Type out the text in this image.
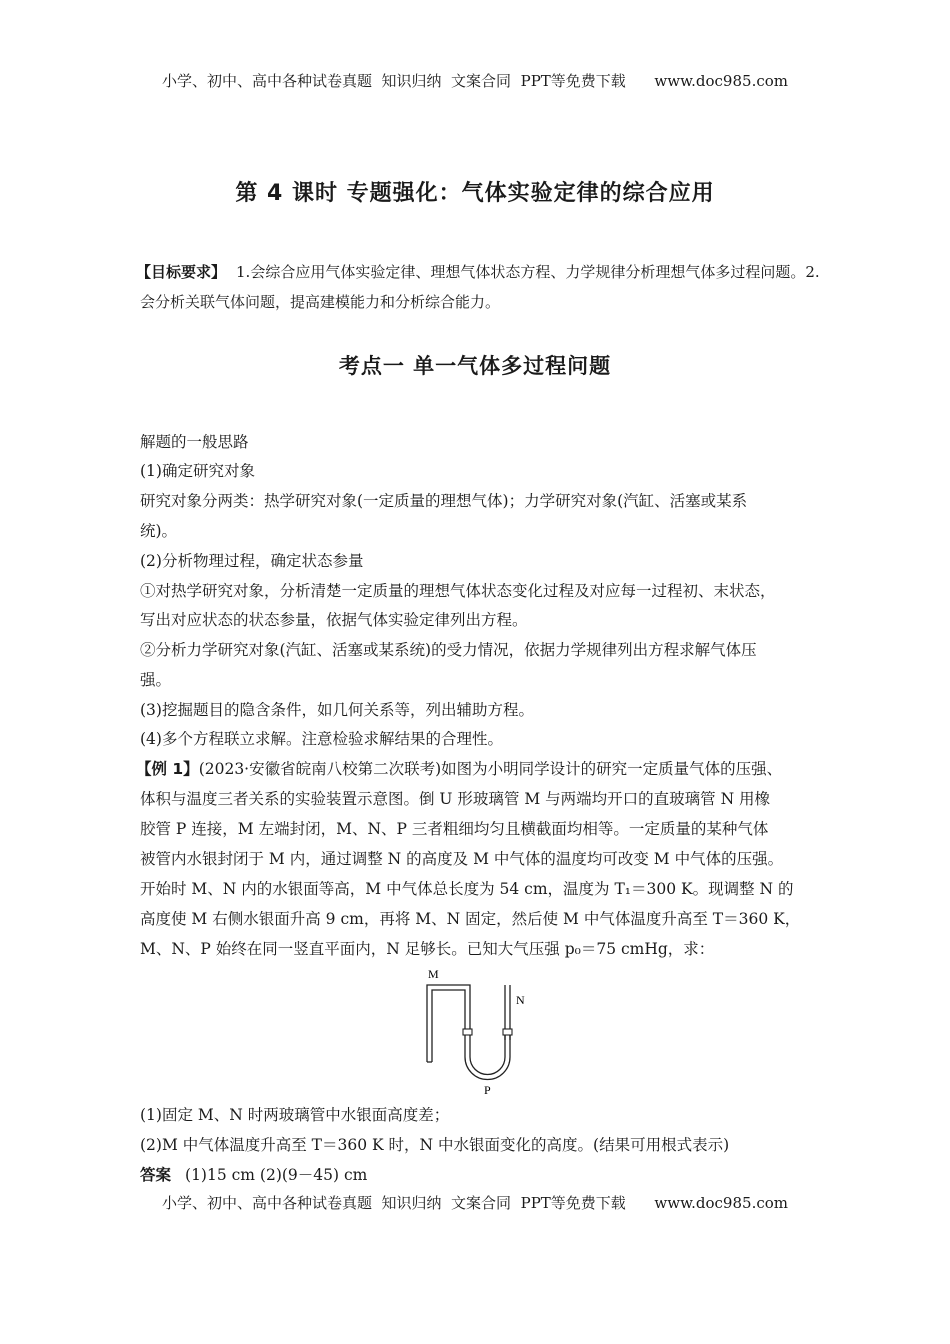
小学、初中、高中各种试卷真题  知识归纳  文案合同  PPT等免费下载      www.doc985.com
第 4 课时 专题强化：气体实验定律的综合应用
【目标要求】 1.会综合应用气体实验定律、理想气体状态方程、力学规律分析理想气体多过程问题。2.会分析关联气体问题，提高建模能力和分析综合能力。
考点一 单一气体多过程问题
解题的一般思路
(1)确定研究对象
研究对象分两类：热学研究对象(一定质量的理想气体)；力学研究对象(汽缸、活塞或某系
统)。
(2)分析物理过程，确定状态参量
①对热学研究对象，分析清楚一定质量的理想气体状态变化过程及对应每一过程初、末状态，
写出对应状态的状态参量，依据气体实验定律列出方程。
②分析力学研究对象(汽缸、活塞或某系统)的受力情况，依据力学规律列出方程求解气体压
强。
(3)挖掘题目的隐含条件，如几何关系等，列出辅助方程。
(4)多个方程联立求解。注意检验求解结果的合理性。
【例 1】(2023·安徽省皖南八校第二次联考)如图为小明同学设计的研究一定质量气体的压强、
体积与温度三者关系的实验装置示意图。倒 U 形玻璃管 M 与两端均开口的直玻璃管 N 用橡
胶管 P 连接，M 左端封闭，M、N、P 三者粗细均匀且横截面均相等。一定质量的某种气体
被管内水银封闭于 M 内，通过调整 N 的高度及 M 中气体的温度均可改变 M 中气体的压强。
开始时 M、N 内的水银面等高，M 中气体总长度为 54 cm，温度为 T₁＝300 K。现调整 N 的
高度使 M 右侧水银面升高 9 cm，再将 M、N 固定，然后使 M 中气体温度升高至 T＝360 K，
M、N、P 始终在同一竖直平面内，N 足够长。已知大气压强 p₀＝75 cmHg，求：
M
N
P
(1)固定 M、N 时两玻璃管中水银面高度差；
(2)M 中气体温度升高至 T＝360 K 时，N 中水银面变化的高度。(结果可用根式表示)
答案 (1)15 cm (2)(9－45) cm
小学、初中、高中各种试卷真题  知识归纳  文案合同  PPT等免费下载      www.doc985.com
